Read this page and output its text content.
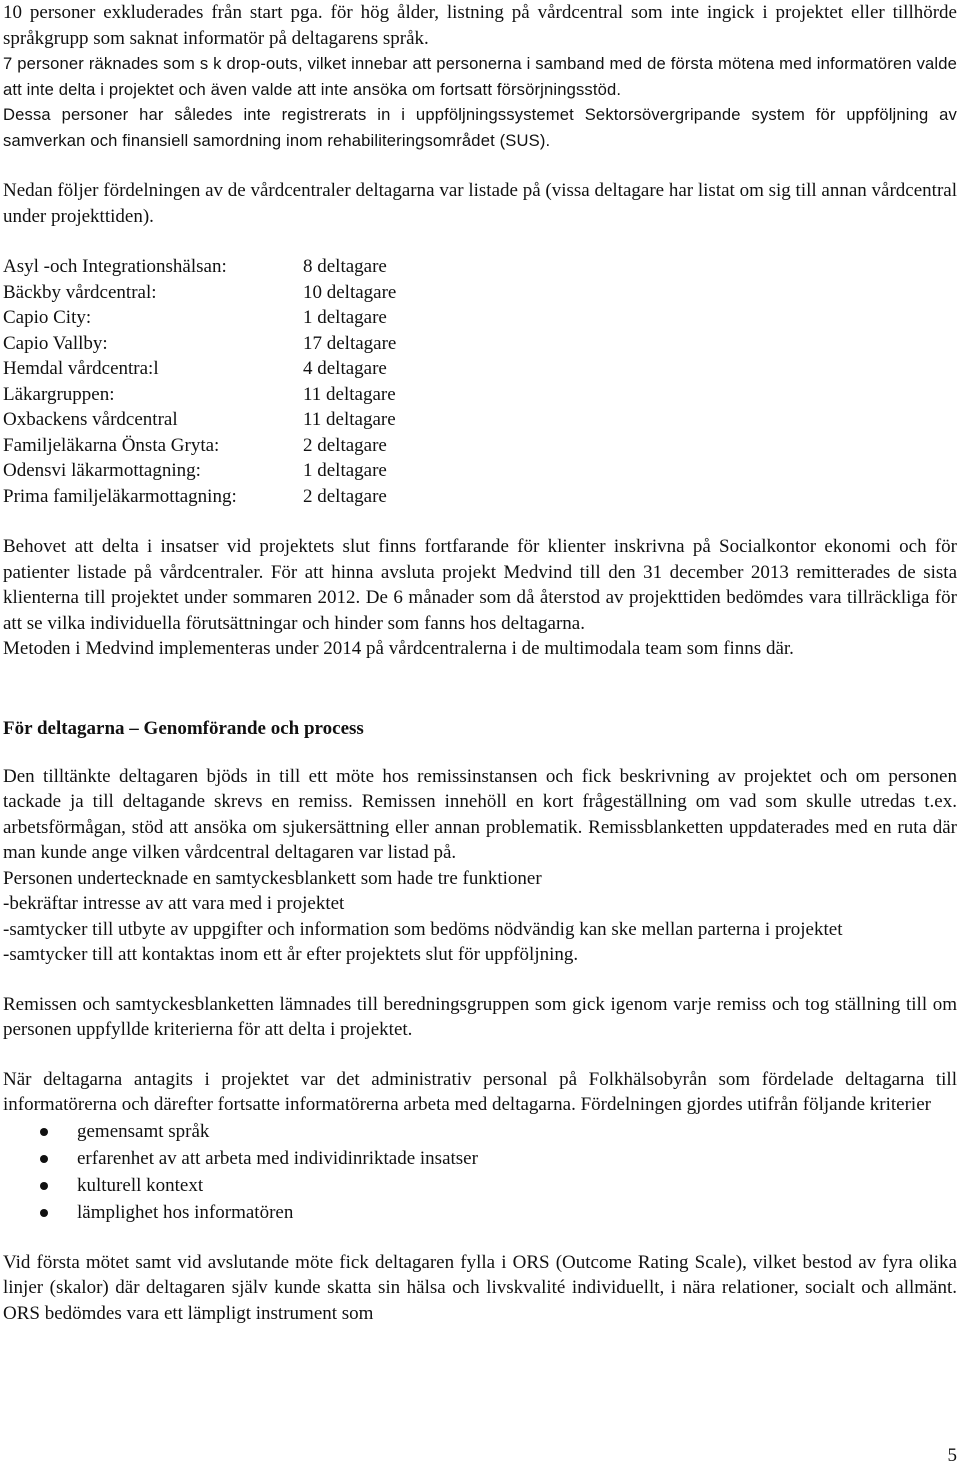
10 personer exkluderades från start pga. för hög ålder, listning på vårdcentral som inte ingick i projektet eller tillhörde språkgrupp som saknat informatör på deltagarens språk.

7 personer räknades som s k drop-outs, vilket innebar att personerna i samband med de första mötena med informatören valde att inte delta i projektet och även valde att inte ansöka om fortsatt försörjningsstöd.

Dessa personer har således inte registrerats in i uppföljningssystemet Sektorsövergripande system för uppföljning av samverkan och finansiell samordning inom rehabiliteringsområdet (SUS).

Nedan följer fördelningen av de vårdcentraler deltagarna var listade på (vissa deltagare har listat om sig till annan vårdcentral under projekttiden).

Asyl -och Integrationshälsan:	8 deltagare
Bäckby vårdcentral:	10 deltagare
Capio City:	1 deltagare
Capio Vallby:	17 deltagare
Hemdal vårdcentra:l	4 deltagare
Läkargruppen:	11 deltagare
Oxbackens vårdcentral	11 deltagare
Familjeläkarna Önsta Gryta:	2 deltagare
Odensvi läkarmottagning:	1 deltagare
Prima familjeläkarmottagning:	2 deltagare

Behovet att delta i insatser vid projektets slut finns fortfarande för klienter inskrivna på Socialkontor ekonomi och för patienter listade på vårdcentraler. För att hinna avsluta projekt Medvind till den 31 december 2013 remitterades de sista klienterna till projektet under sommaren 2012. De 6 månader som då återstod av projekttiden bedömdes vara tillräckliga för att se vilka individuella förutsättningar och hinder som fanns hos deltagarna.

Metoden i Medvind implementeras under 2014 på vårdcentralerna i de multimodala team som finns där.

För deltagarna – Genomförande och process

Den tilltänkte deltagaren bjöds in till ett möte hos remissinstansen och fick beskrivning av projektet och om personen tackade ja till deltagande skrevs en remiss. Remissen innehöll en kort frågeställning om vad som skulle utredas t.ex. arbetsförmågan, stöd att ansöka om sjukersättning eller annan problematik. Remissblanketten uppdaterades med en ruta där man kunde ange vilken vårdcentral deltagaren var listad på.

Personen undertecknade en samtyckesblankett som hade tre funktioner

-bekräftar intresse av att vara med i projektet

-samtycker till utbyte av uppgifter och information som bedöms nödvändig kan ske mellan parterna i projektet

-samtycker till att kontaktas inom ett år efter projektets slut för uppföljning.

Remissen och samtyckesblanketten lämnades till beredningsgruppen som gick igenom varje remiss och tog ställning till om personen uppfyllde kriterierna för att delta i projektet.

När deltagarna antagits i projektet var det administrativ personal på Folkhälsobyrån som fördelade deltagarna till informatörerna och därefter fortsatte informatörerna arbeta med deltagarna. Fördelningen gjordes utifrån följande kriterier

gemensamt språk
erfarenhet av att arbeta med individinriktade insatser
kulturell kontext
lämplighet hos informatören

Vid första mötet samt vid avslutande möte fick deltagaren fylla i ORS (Outcome Rating Scale), vilket bestod av fyra olika linjer (skalor) där deltagaren själv kunde skatta sin hälsa och livskvalité individuellt, i nära relationer, socialt och allmänt. ORS bedömdes vara ett lämpligt instrument som

5
